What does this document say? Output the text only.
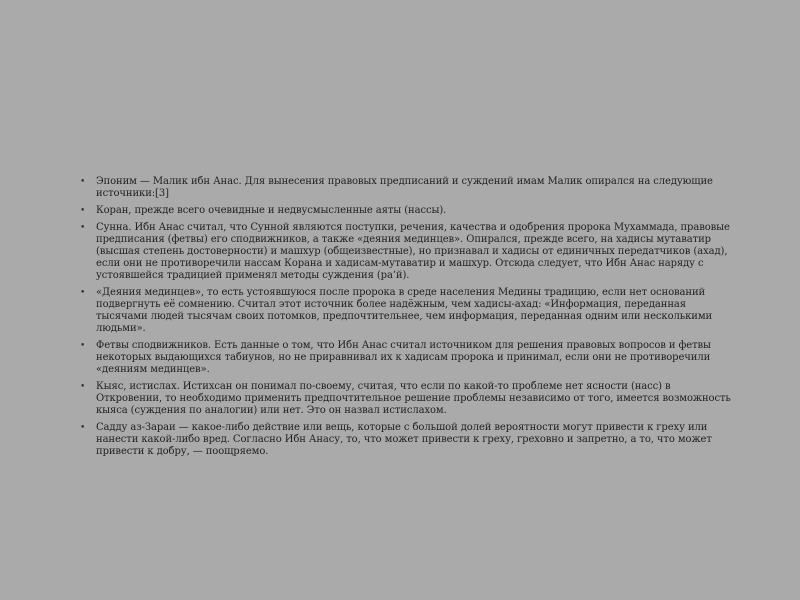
• Эпоним — Малик ибн Анас. Для вынесения правовых предписаний и суждений имам Малик опирался на следующие источники:[3]
• Коран, прежде всего очевидные и недвусмысленные аяты (нассы).
• Сунна. Ибн Анас считал, что Сунной являются поступки, речения, качества и одобрения пророка Мухаммада, правовые предписания (фетвы) его сподвижников, а также «деяния мединцев». Опирался, прежде всего, на хадисы мутаватир (высшая степень достоверности) и машхур (общеизвестные), но признавал и хадисы от единичных передатчиков (ахад), если они не противоречили нассам Корана и хадисам-мутаватир и машхур. Отсюда следует, что Ибн Анас наряду с устоявшейся традицией применял методы суждения (ра’й).
• «Деяния мединцев», то есть устоявшуюся после пророка в среде населения Медины традицию, если нет оснований подвергнуть её сомнению. Считал этот источник более надёжным, чем хадисы-ахад: «Информация, переданная тысячами людей тысячам своих потомков, предпочтительнее, чем информация, переданная одним или несколькими людьми».
• Фетвы сподвижников. Есть данные о том, что Ибн Анас считал источником для решения правовых вопросов и фетвы некоторых выдающихся табиунов, но не приравнивал их к хадисам пророка и принимал, если они не противоречили «деяниям мединцев».
• Кыяс, истислах. Истихсан он понимал по-своему, считая, что если по какой-то проблеме нет ясности (насс) в Откровении, то необходимо применить предпочтительное решение проблемы независимо от того, имеется возможность кыяса (суждения по аналогии) или нет. Это он назвал истислахом.
• Садду аз-Зараи — какое-либо действие или вещь, которые с большой долей вероятности могут привести к греху или нанести какой-либо вред. Согласно Ибн Анасу, то, что может привести к греху, греховно и запретно, а то, что может привести к добру, — поощряемо.
